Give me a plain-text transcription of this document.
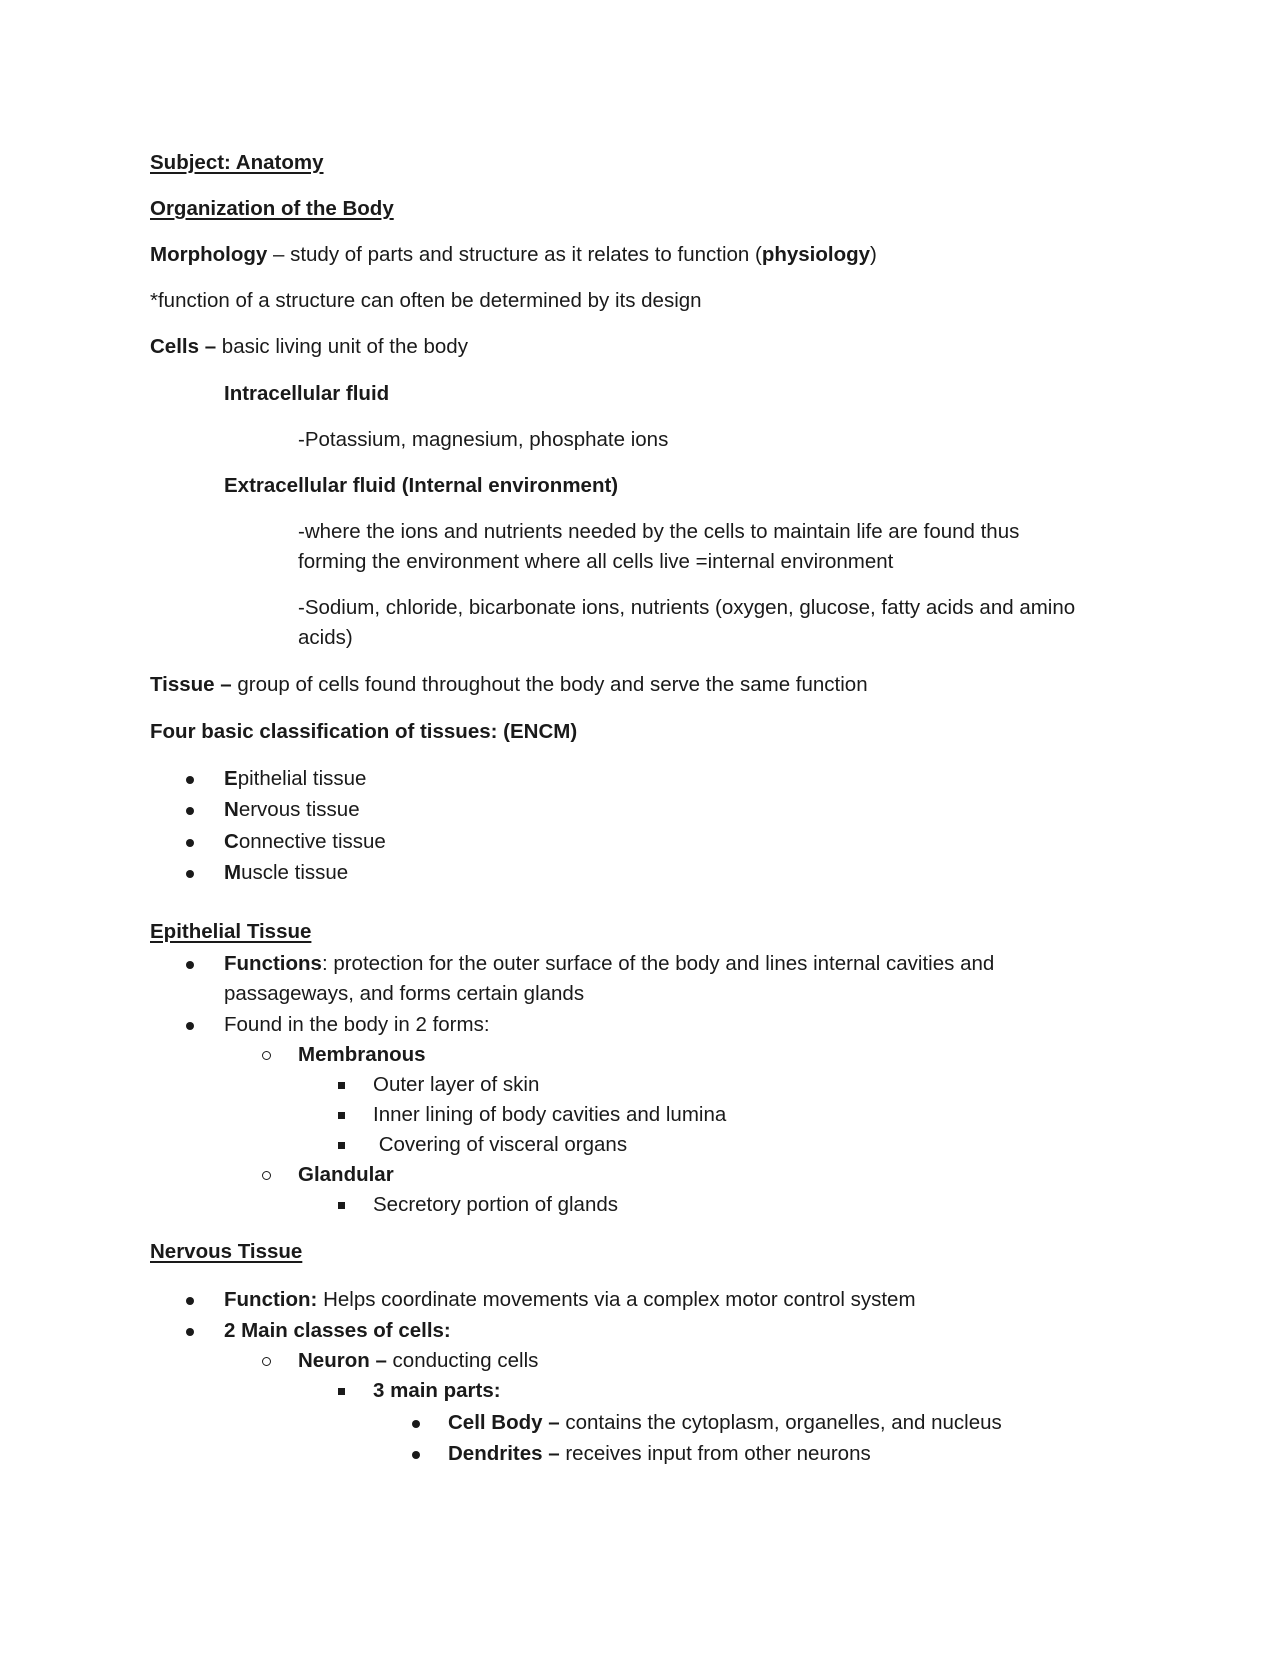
Subject: Anatomy
Organization of the Body
Morphology – study of parts and structure as it relates to function (physiology)
*function of a structure can often be determined by its design
Cells – basic living unit of the body
Intracellular fluid
-Potassium, magnesium, phosphate ions
Extracellular fluid (Internal environment)
-where the ions and nutrients needed by the cells to maintain life are found thus
forming the environment where all cells live =internal environment
-Sodium, chloride, bicarbonate ions, nutrients (oxygen, glucose, fatty acids and amino
acids)
Tissue – group of cells found throughout the body and serve the same function
Four basic classification of tissues: (ENCM)
Epithelial tissue
Nervous tissue
Connective tissue
Muscle tissue
Epithelial Tissue
Functions: protection for the outer surface of the body and lines internal cavities and
passageways, and forms certain glands
Found in the body in 2 forms:
Membranous
Outer layer of skin
Inner lining of body cavities and lumina
Covering of visceral organs
Glandular
Secretory portion of glands
Nervous Tissue
Function: Helps coordinate movements via a complex motor control system
2 Main classes of cells:
Neuron – conducting cells
3 main parts:
Cell Body – contains the cytoplasm, organelles, and nucleus
Dendrites – receives input from other neurons
